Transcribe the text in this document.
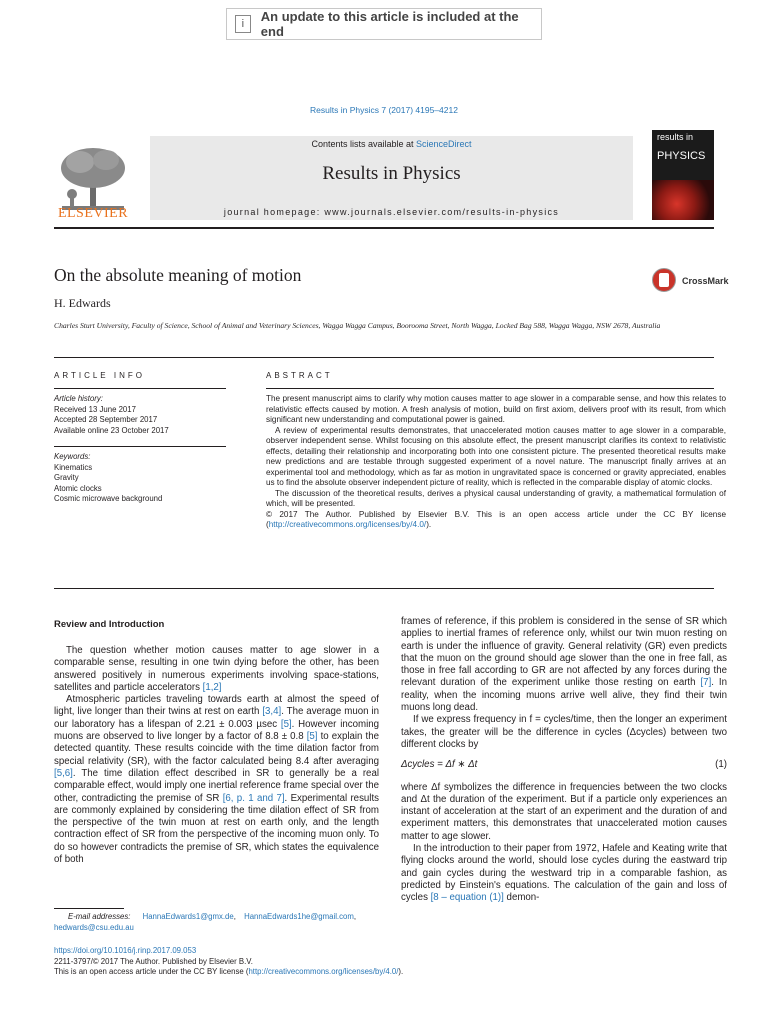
i	An update to this article is included at the end
Results in Physics 7 (2017) 4195–4212
ELSEVIER
Contents lists available at ScienceDirect
Results in Physics
journal homepage: www.journals.elsevier.com/results-in-physics
results in
PHYSICS
On the absolute meaning of motion
H. Edwards
Charles Sturt University, Faculty of Science, School of Animal and Veterinary Sciences, Wagga Wagga Campus, Boorooma Street, North Wagga, Locked Bag 588, Wagga Wagga, NSW 2678, Australia
CrossMark
ARTICLE INFO	ABSTRACT
Article history:
Received 13 June 2017
Accepted 28 September 2017
Available online 23 October 2017
Keywords:
Kinematics
Gravity
Atomic clocks
Cosmic microwave background

The present manuscript aims to clarify why motion causes matter to age slower in a comparable sense, and how this relates to relativistic effects caused by motion. A fresh analysis of motion, build on first axiom, delivers proof with its result, from which significant new understanding and computational power is gained.

A review of experimental results demonstrates, that unaccelerated motion causes matter to age slower in a comparable, observer independent sense. Whilst focusing on this absolute effect, the present manuscript clarifies its context to relativistic effects, detailing their relationship and incorporating both into one consistent picture. The presented theoretical results make new predictions and are testable through suggested experiment of a novel nature. The manuscript finally arrives at an experimental tool and methodology, which as far as motion in ungravitated space is concerned or gravity appreciated, enables us to find the absolute observer independent picture of reality, which is reflected in the comparable display of atomic clocks.

The discussion of the theoretical results, derives a physical causal understanding of gravity, a mathematical formulation of which, will be presented.

© 2017 The Author. Published by Elsevier B.V. This is an open access article under the CC BY license (http://creativecommons.org/licenses/by/4.0/).

Review and Introduction

The question whether motion causes matter to age slower in a comparable sense, resulting in one twin dying before the other, has been answered positively in numerous experiments involving space-stations, satellites and particle accelerators [1,2]

Atmospheric particles traveling towards earth at almost the speed of light, live longer than their twins at rest on earth [3,4]. The average muon in our laboratory has a lifespan of 2.21 ± 0.003 µsec [5]. However incoming muons are observed to live longer by a factor of 8.8 ± 0.8 [5] to explain the detected quantity. These results coincide with the time dilation factor from special relativity (SR), with the factor calculated being 8.4 after averaging [5,6]. The time dilation effect described in SR to generally be a real comparable effect, would imply one inertial reference frame special over the other, contradicting the premise of SR [6, p. 1 and 7]. Experimental results are commonly explained by considering the time dilation effect of SR from the perspective of the twin muon at rest on earth only, and the length contraction effect of SR from the perspective of the incoming muon only. To do so however contradicts the premise of SR, which states the equivalence of both

frames of reference, if this problem is considered in the sense of SR which applies to inertial frames of reference only, whilst our twin muon resting on earth is under the influence of gravity. General relativity (GR) even predicts that the muon on the ground should age slower than the one in free fall, as those in free fall according to GR are not affected by any forces during the relevant duration of the experiment unlike those resting on earth [7]. In reality, when the incoming muons arrive well alive, they find their twin muons long dead.

If we express frequency in f = cycles/time, then the longer an experiment takes, the greater will be the difference in cycles (Δcycles) between two different clocks by

Δcycles = Δf ∗ Δt	(1)

where Δf symbolizes the difference in frequencies between the two clocks and Δt the duration of the experiment. But if a particle only experiences an instant of acceleration at the start of an experiment and the duration of and experiment matters, this demonstrates that unaccelerated motion causes matter to age slower.

In the introduction to their paper from 1972, Hafele and Keating write that flying clocks around the world, should lose cycles during the eastward trip and gain cycles during the westward trip in a comparable fashion, as predicted by Einstein's equations. The calculation of the gain and loss of cycles [8 – equation (1)] demon-

E-mail addresses: HannaEdwards1@gmx.de, HannaEdwards1he@gmail.com,
hedwards@csu.edu.au
https://doi.org/10.1016/j.rinp.2017.09.053
2211-3797/© 2017 The Author. Published by Elsevier B.V.
This is an open access article under the CC BY license (http://creativecommons.org/licenses/by/4.0/).
